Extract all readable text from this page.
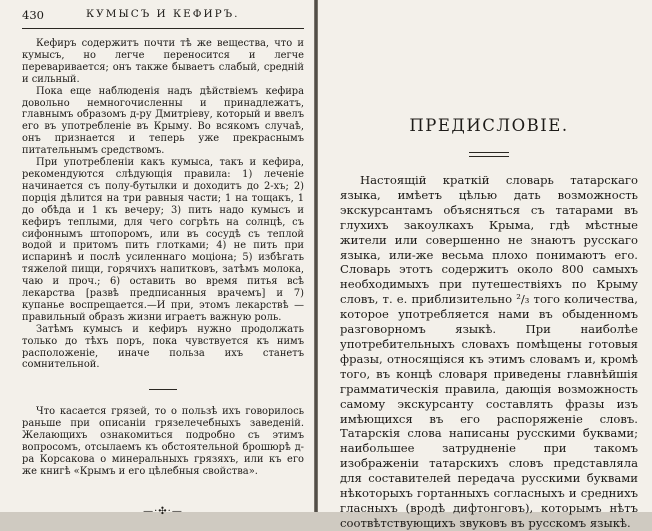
430	КУМЫСЪ И КЕФИРЪ.

Кефиръ содержитъ почти тѣ же вещества, что и кумысъ, но легче переносится и легче переваривается; онъ также бываетъ слабый, средній и сильный.

Пока еще наблюденія надъ дѣйствіемъ кефира довольно немногочисленны и принадлежатъ, главнымъ образомъ д-ру Дмитріеву, который и ввелъ его въ употребленіе въ Крыму. Во всякомъ случаѣ, онъ признается и теперь уже прекраснымъ питательнымъ средствомъ.

При употребленіи какъ кумыса, такъ и кефира, рекомендуются слѣдующія правила: 1) леченіе начинается съ полу-бутылки и доходитъ до 2-хъ; 2) порція дѣлится на три равныя части; 1 на тощакъ, 1 до обѣда и 1 къ вечеру; 3) пить надо кумысъ и кефиръ теплыми, для чего согрѣть на солнцѣ, съ сифоннымъ штопоромъ, или въ сосудѣ съ теплой водой и притомъ пить глотками; 4) не пить при испаринѣ и послѣ усиленнаго моціона; 5) избѣгать тяжелой пищи, горячихъ напитковъ, затѣмъ молока, чаю и проч.; 6) оставить во время питья всѣ лекарства [развѣ предписанныя врачемъ] и 7) купанье воспрещается.—И при, этомъ лекарствѣ — правильный образъ жизни играетъ важную роль.

Затѣмъ кумысъ и кефиръ нужно продолжать только до тѣхъ поръ, пока чувствуется къ нимъ расположеніе, иначе польза ихъ станетъ сомнительной.

Что касается грязей, то о пользѣ ихъ говорилось раньше при описаніи грязелечебныхъ заведеній. Желающихъ ознакомиться подробно съ этимъ вопросомъ, отсылаемъ къ обстоятельной брошюрѣ д-ра Корсакова о минеральныхъ грязяхъ, или къ его же книгѣ «Крымъ и его цѣлебныя свойства».

—·✣·—
ПРЕДИСЛОВІЕ.

Настоящій краткій словарь татарскаго языка, имѣетъ цѣлью дать возможность экскурсантамъ объясняться съ татарами въ глухихъ закоулкахъ Крыма, гдѣ мѣстные жители или совершенно не знаютъ русскаго языка, или-же весьма плохо понимаютъ его. Словарь этотъ содержитъ около 800 самыхъ необходимыхъ при путешествіяхъ по Крыму словъ, т. е. приблизительно ²/₃ того количества, которое употребляется нами въ обыденномъ разговорномъ языкѣ. При наиболѣе употребительныхъ словахъ помѣщены готовыя фразы, относящіяся къ этимъ словамъ и, кромѣ того, въ концѣ словаря приведены главнѣйшія грамматическія правила, дающія возможность самому экскурсанту составлять фразы изъ имѣющихся въ его распоряженіе словъ. Татарскія слова написаны русскими буквами; наибольшее затрудненіе при такомъ изображеніи татарскихъ словъ представляла для составителей передача русскими буквами нѣкоторыхъ гортанныхъ согласныхъ и среднихъ гласныхъ (вродѣ дифтонговъ), которымъ нѣтъ соотвѣтствующихъ звуковъ въ русскомъ языкѣ.
